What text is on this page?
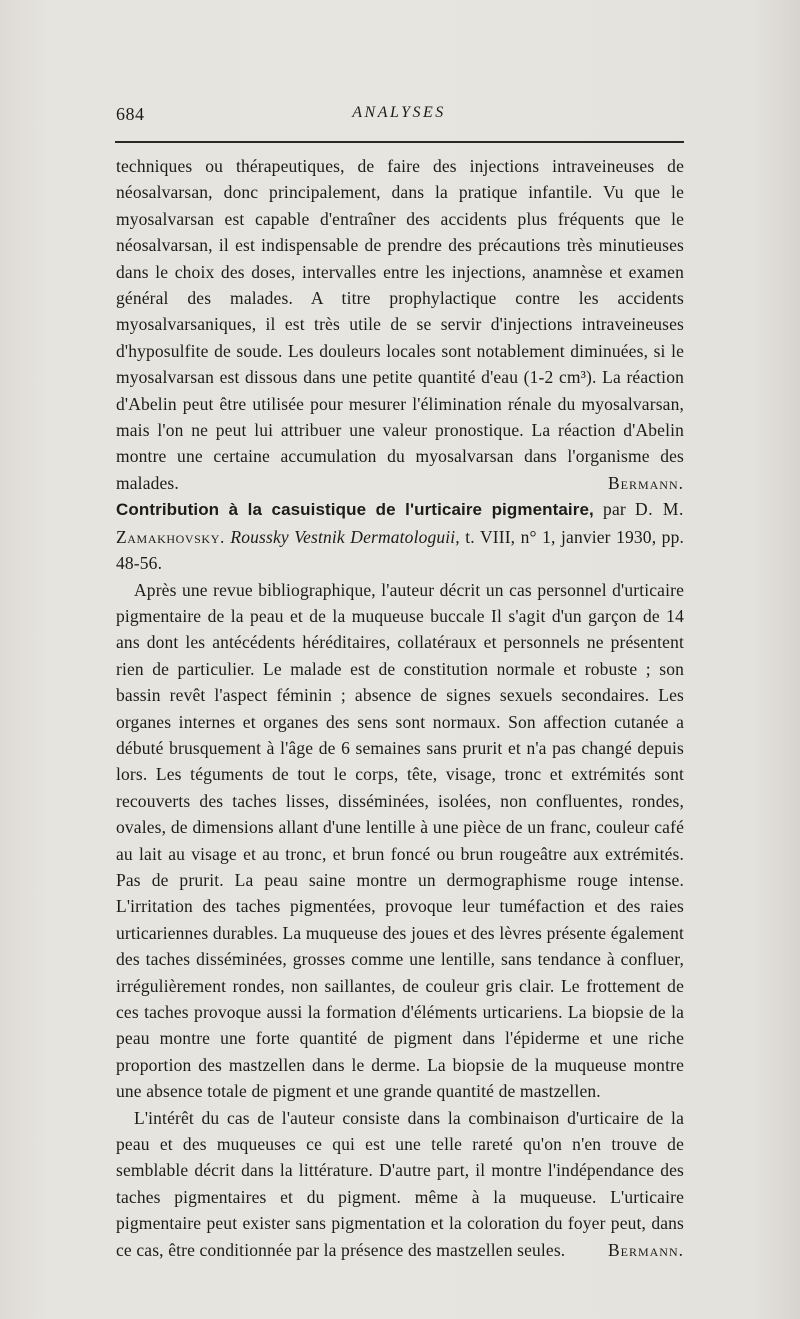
684	ANALYSES

techniques ou thérapeutiques, de faire des injections intraveineuses de néosalvarsan, donc principalement, dans la pratique infantile. Vu que le myosalvarsan est capable d'entraîner des accidents plus fréquents que le néosalvarsan, il est indispensable de prendre des précautions très minutieuses dans le choix des doses, intervalles entre les injections, anamnèse et examen général des malades. A titre prophylactique contre les accidents myosalvarsaniques, il est très utile de se servir d'injections intraveineuses d'hyposulfite de soude. Les douleurs locales sont notablement diminuées, si le myosalvarsan est dissous dans une petite quantité d'eau (1-2 cm³). La réaction d'Abelin peut être utilisée pour mesurer l'élimination rénale du myosalvarsan, mais l'on ne peut lui attribuer une valeur pronostique. La réaction d'Abelin montre une certaine accumulation du myosalvarsan dans l'organisme des malades.	Bermann.

Contribution à la casuistique de l'urticaire pigmentaire, par D. M. Zamakhovsky. Roussky Vestnik Dermatologuii, t. VIII, n° 1, janvier 1930, pp. 48-56.

Après une revue bibliographique, l'auteur décrit un cas personnel d'urticaire pigmentaire de la peau et de la muqueuse buccale Il s'agit d'un garçon de 14 ans dont les antécédents héréditaires, collatéraux et personnels ne présentent rien de particulier. Le malade est de constitution normale et robuste ; son bassin revêt l'aspect féminin ; absence de signes sexuels secondaires. Les organes internes et organes des sens sont normaux. Son affection cutanée a débuté brusquement à l'âge de 6 semaines sans prurit et n'a pas changé depuis lors. Les téguments de tout le corps, tête, visage, tronc et extrémités sont recouverts des taches lisses, disséminées, isolées, non confluentes, rondes, ovales, de dimensions allant d'une lentille à une pièce de un franc, couleur café au lait au visage et au tronc, et brun foncé ou brun rougeâtre aux extrémités. Pas de prurit. La peau saine montre un dermographisme rouge intense. L'irritation des taches pigmentées, provoque leur tuméfaction et des raies urticariennes durables. La muqueuse des joues et des lèvres présente également des taches disséminées, grosses comme une lentille, sans tendance à confluer, irrégulièrement rondes, non saillantes, de couleur gris clair. Le frottement de ces taches provoque aussi la formation d'éléments urticariens. La biopsie de la peau montre une forte quantité de pigment dans l'épiderme et une riche proportion des mastzellen dans le derme. La biopsie de la muqueuse montre une absence totale de pigment et une grande quantité de mastzellen.

L'intérêt du cas de l'auteur consiste dans la combinaison d'urticaire de la peau et des muqueuses ce qui est une telle rareté qu'on n'en trouve de semblable décrit dans la littérature. D'autre part, il montre l'indépendance des taches pigmentaires et du pigment. même à la muqueuse. L'urticaire pigmentaire peut exister sans pigmentation et la coloration du foyer peut, dans ce cas, être conditionnée par la présence des mastzellen seules.	Bermann.
